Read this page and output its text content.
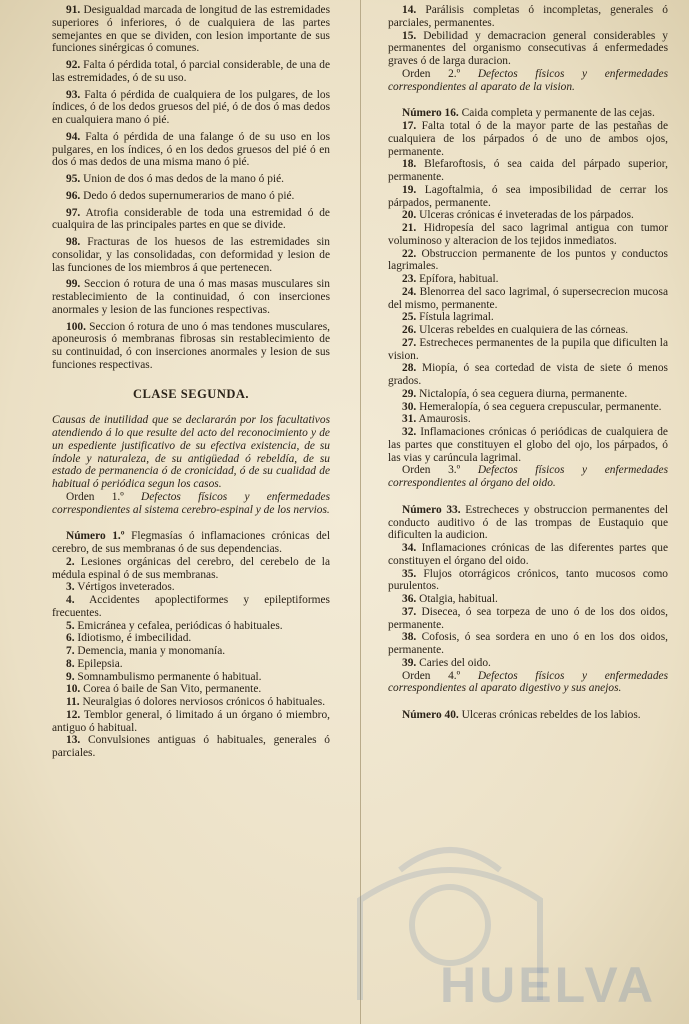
91. Desigualdad marcada de longitud de las estremidades superiores ó inferiores, ó de cualquiera de las partes semejantes en que se dividen, con lesion importante de sus funciones sinérgicas ó comunes.

92. Falta ó pérdida total, ó parcial considerable, de una de las estremidades, ó de su uso.

93. Falta ó pérdida de cualquiera de los pulgares, de los índices, ó de los dedos gruesos del pié, ó de dos ó mas dedos en cualquiera mano ó pié.

94. Falta ó pérdida de una falange ó de su uso en los pulgares, en los índices, ó en los dedos gruesos del pié ó en dos ó mas dedos de una misma mano ó pié.

95. Union de dos ó mas dedos de la mano ó pié.

96. Dedo ó dedos supernumerarios de mano ó pié.

97. Atrofia considerable de toda una estremidad ó de cualquira de las principales partes en que se divide.

98. Fracturas de los huesos de las estremidades sin consolidar, y las consolidadas, con deformidad y lesion de las funciones de los miembros á que pertenecen.

99. Seccion ó rotura de una ó mas masas musculares sin restablecimiento de la continuidad, ó con inserciones anormales y lesion de las funciones respectivas.

100. Seccion ó rotura de uno ó mas tendones musculares, aponeurosis ó membranas fibrosas sin restablecimiento de su continuidad, ó con inserciones anormales y lesion de sus funciones respectivas.

CLASE SEGUNDA.

Causas de inutilidad que se declararán por los facultativos atendiendo á lo que resulte del acto del reconocimiento y de un espediente justificativo de su efectiva existencia, de su índole y naturaleza, de su antigüedad ó rebeldía, de su estado de permanencia ó de cronicidad, ó de su cualidad de habitual ó periódica segun los casos.

Orden 1.º Defectos físicos y enfermedades correspondientes al sistema cerebro-espinal y de los nervios.

Número 1.º Flegmasías ó inflamaciones crónicas del cerebro, de sus membranas ó de sus dependencias.

2. Lesiones orgánicas del cerebro, del cerebelo de la médula espinal ó de sus membranas.

3. Vértigos inveterados.

4. Accidentes apoplectiformes y epileptiformes frecuentes.

5. Emicránea y cefalea, periódicas ó habituales.

6. Idiotismo, é imbecilidad.

7. Demencia, mania y monomanía.

8. Epilepsia.

9. Somnambulismo permanente ó habitual.

10. Corea ó baile de San Vito, permanente.

11. Neuralgias ó dolores nerviosos crónicos ó habituales.

12. Temblor general, ó limitado á un órgano ó miembro, antiguo ó habitual.

13. Convulsiones antiguas ó habituales, generales ó parciales.

14. Parálisis completas ó incompletas, generales ó parciales, permanentes.

15. Debilidad y demacracion general considerables y permanentes del organismo consecutivas á enfermedades graves ó de larga duracion.

Orden 2.º Defectos físicos y enfermedades correspondientes al aparato de la vision.

Número 16. Caida completa y permanente de las cejas.

17. Falta total ó de la mayor parte de las pestañas de cualquiera de los párpados ó de uno de ambos ojos, permanente.

18. Blefaroftosis, ó sea caida del párpado superior, permanente.

19. Lagoftalmia, ó sea imposibilidad de cerrar los párpados, permanente.

20. Ulceras crónicas é inveteradas de los párpados.

21. Hidropesía del saco lagrimal antigua con tumor voluminoso y alteracion de los tejidos inmediatos.

22. Obstruccion permanente de los puntos y conductos lagrimales.

23. Epífora, habitual.

24. Blenorrea del saco lagrimal, ó supersecrecion mucosa del mismo, permanente.

25. Fístula lagrimal.

26. Ulceras rebeldes en cualquiera de las córneas.

27. Estrecheces permanentes de la pupila que dificulten la vision.

28. Miopía, ó sea cortedad de vista de siete ó menos grados.

29. Nictalopía, ó sea ceguera diurna, permanente.

30. Hemeralopía, ó sea ceguera crepuscular, permanente.

31. Amaurosis.

32. Inflamaciones crónicas ó periódicas de cualquiera de las partes que constituyen el globo del ojo, los párpados, ó las vias y carúncula lagrimal.

Orden 3.º Defectos físicos y enfermedades correspondientes al órgano del oido.

Número 33. Estrecheces y obstruccion permanentes del conducto auditivo ó de las trompas de Eustaquio que dificulten la audicion.

34. Inflamaciones crónicas de las diferentes partes que constituyen el órgano del oido.

35. Flujos otorrágicos crónicos, tanto mucosos como purulentos.

36. Otalgia, habitual.

37. Disecea, ó sea torpeza de uno ó de los dos oidos, permanente.

38. Cofosis, ó sea sordera en uno ó en los dos oidos, permanente.

39. Caries del oido.

Orden 4.º Defectos físicos y enfermedades correspondientes al aparato digestivo y sus anejos.

Número 40. Ulceras crónicas rebeldes de los labios.

HUELVA
